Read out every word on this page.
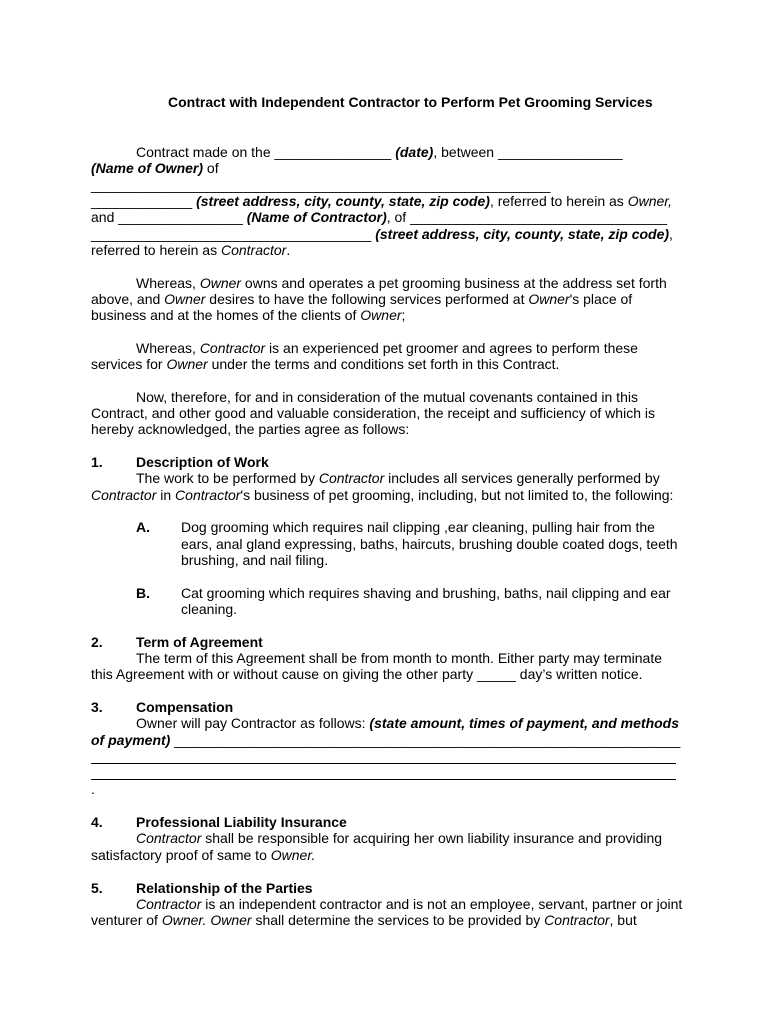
Contract with Independent Contractor to Perform Pet Grooming Services
Contract made on the _______________ (date), between ________________
(Name of Owner) of
___________________________________________________________
_____________ (street address, city, county, state, zip code), referred to herein as Owner,
and ________________ (Name of Contractor), of _________________________________
____________________________________ (street address, city, county, state, zip code),
referred to herein as Contractor.
Whereas, Owner owns and operates a pet grooming business at the address set forth
above, and Owner desires to have the following services performed at Owner's place of
business and at the homes of the clients of Owner;
Whereas, Contractor is an experienced pet groomer and agrees to perform these
services for Owner under the terms and conditions set forth in this Contract.
Now, therefore, for and in consideration of the mutual covenants contained in this
Contract, and other good and valuable consideration, the receipt and sufficiency of which is
hereby acknowledged, the parties agree as follows:
1. Description of Work
The work to be performed by Contractor includes all services generally performed by
Contractor in Contractor's business of pet grooming, including, but not limited to, the following:
A. Dog grooming which requires nail clipping ,ear cleaning, pulling hair from the
ears, anal gland expressing, baths, haircuts, brushing double coated dogs, teeth
brushing, and nail filing.
B. Cat grooming which requires shaving and brushing, baths, nail clipping and ear
cleaning.
2. Term of Agreement
The term of this Agreement shall be from month to month. Either party may terminate
this Agreement with or without cause on giving the other party _____ day’s written notice.
3. Compensation
Owner will pay Contractor as follows: (state amount, times of payment, and methods
of payment) _________________________________________________________________
.
4. Professional Liability Insurance
Contractor shall be responsible for acquiring her own liability insurance and providing
satisfactory proof of same to Owner.
5. Relationship of the Parties
Contractor is an independent contractor and is not an employee, servant, partner or joint
venturer of Owner. Owner shall determine the services to be provided by Contractor, but
